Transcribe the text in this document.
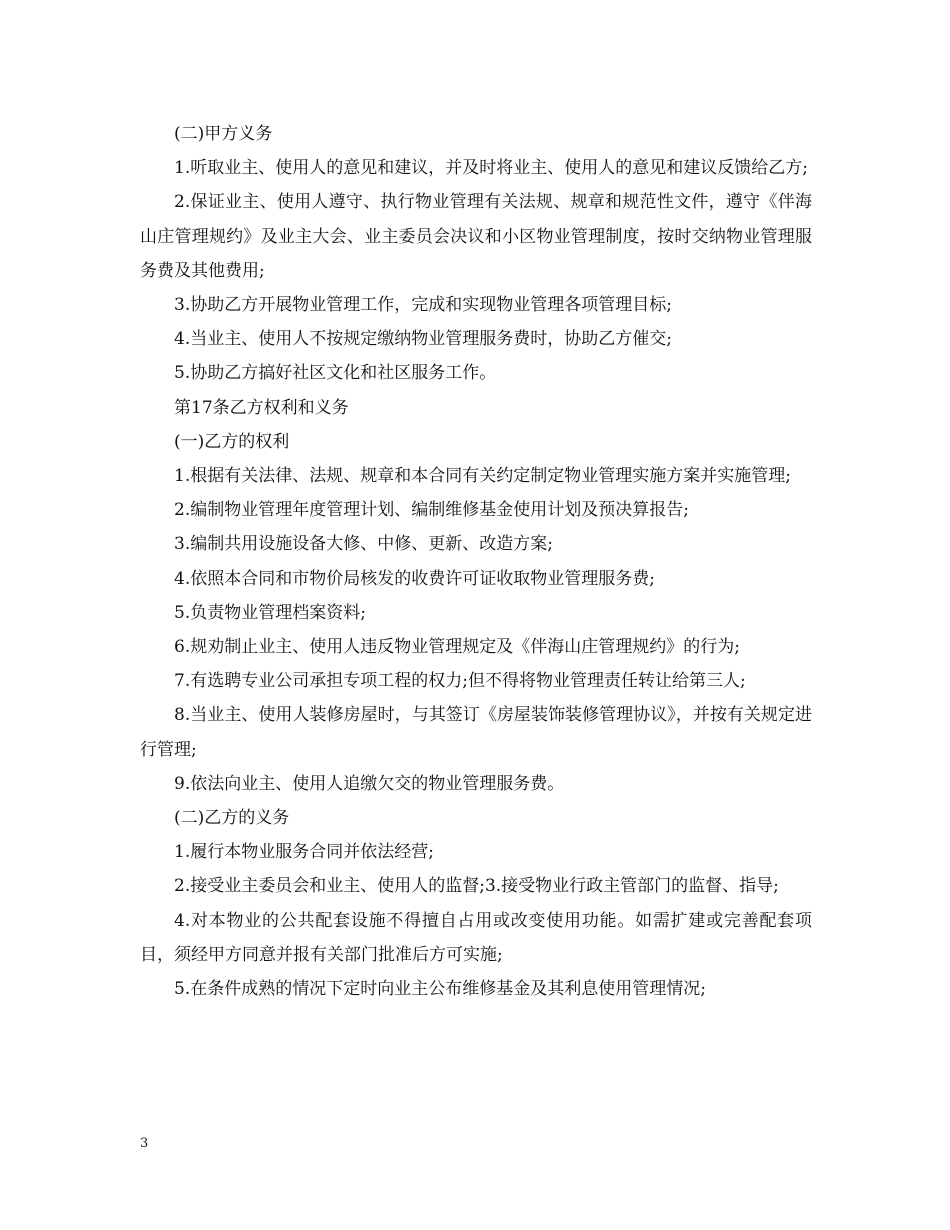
(二)甲方义务

1.听取业主、使用人的意见和建议，并及时将业主、使用人的意见和建议反馈给乙方;

2.保证业主、使用人遵守、执行物业管理有关法规、规章和规范性文件，遵守《伴海山庄管理规约》及业主大会、业主委员会决议和小区物业管理制度，按时交纳物业管理服务费及其他费用;

3.协助乙方开展物业管理工作，完成和实现物业管理各项管理目标;

4.当业主、使用人不按规定缴纳物业管理服务费时，协助乙方催交;

5.协助乙方搞好社区文化和社区服务工作。

第17条乙方权利和义务

(一)乙方的权利

1.根据有关法律、法规、规章和本合同有关约定制定物业管理实施方案并实施管理;

2.编制物业管理年度管理计划、编制维修基金使用计划及预决算报告;

3.编制共用设施设备大修、中修、更新、改造方案;

4.依照本合同和市物价局核发的收费许可证收取物业管理服务费;

5.负责物业管理档案资料;

6.规劝制止业主、使用人违反物业管理规定及《伴海山庄管理规约》的行为;

7.有选聘专业公司承担专项工程的权力;但不得将物业管理责任转让给第三人;

8.当业主、使用人装修房屋时，与其签订《房屋装饰装修管理协议》，并按有关规定进行管理;

9.依法向业主、使用人追缴欠交的物业管理服务费。

(二)乙方的义务

1.履行本物业服务合同并依法经营;

2.接受业主委员会和业主、使用人的监督;3.接受物业行政主管部门的监督、指导;

4.对本物业的公共配套设施不得擅自占用或改变使用功能。如需扩建或完善配套项目，须经甲方同意并报有关部门批准后方可实施;

5.在条件成熟的情况下定时向业主公布维修基金及其利息使用管理情况;

3
